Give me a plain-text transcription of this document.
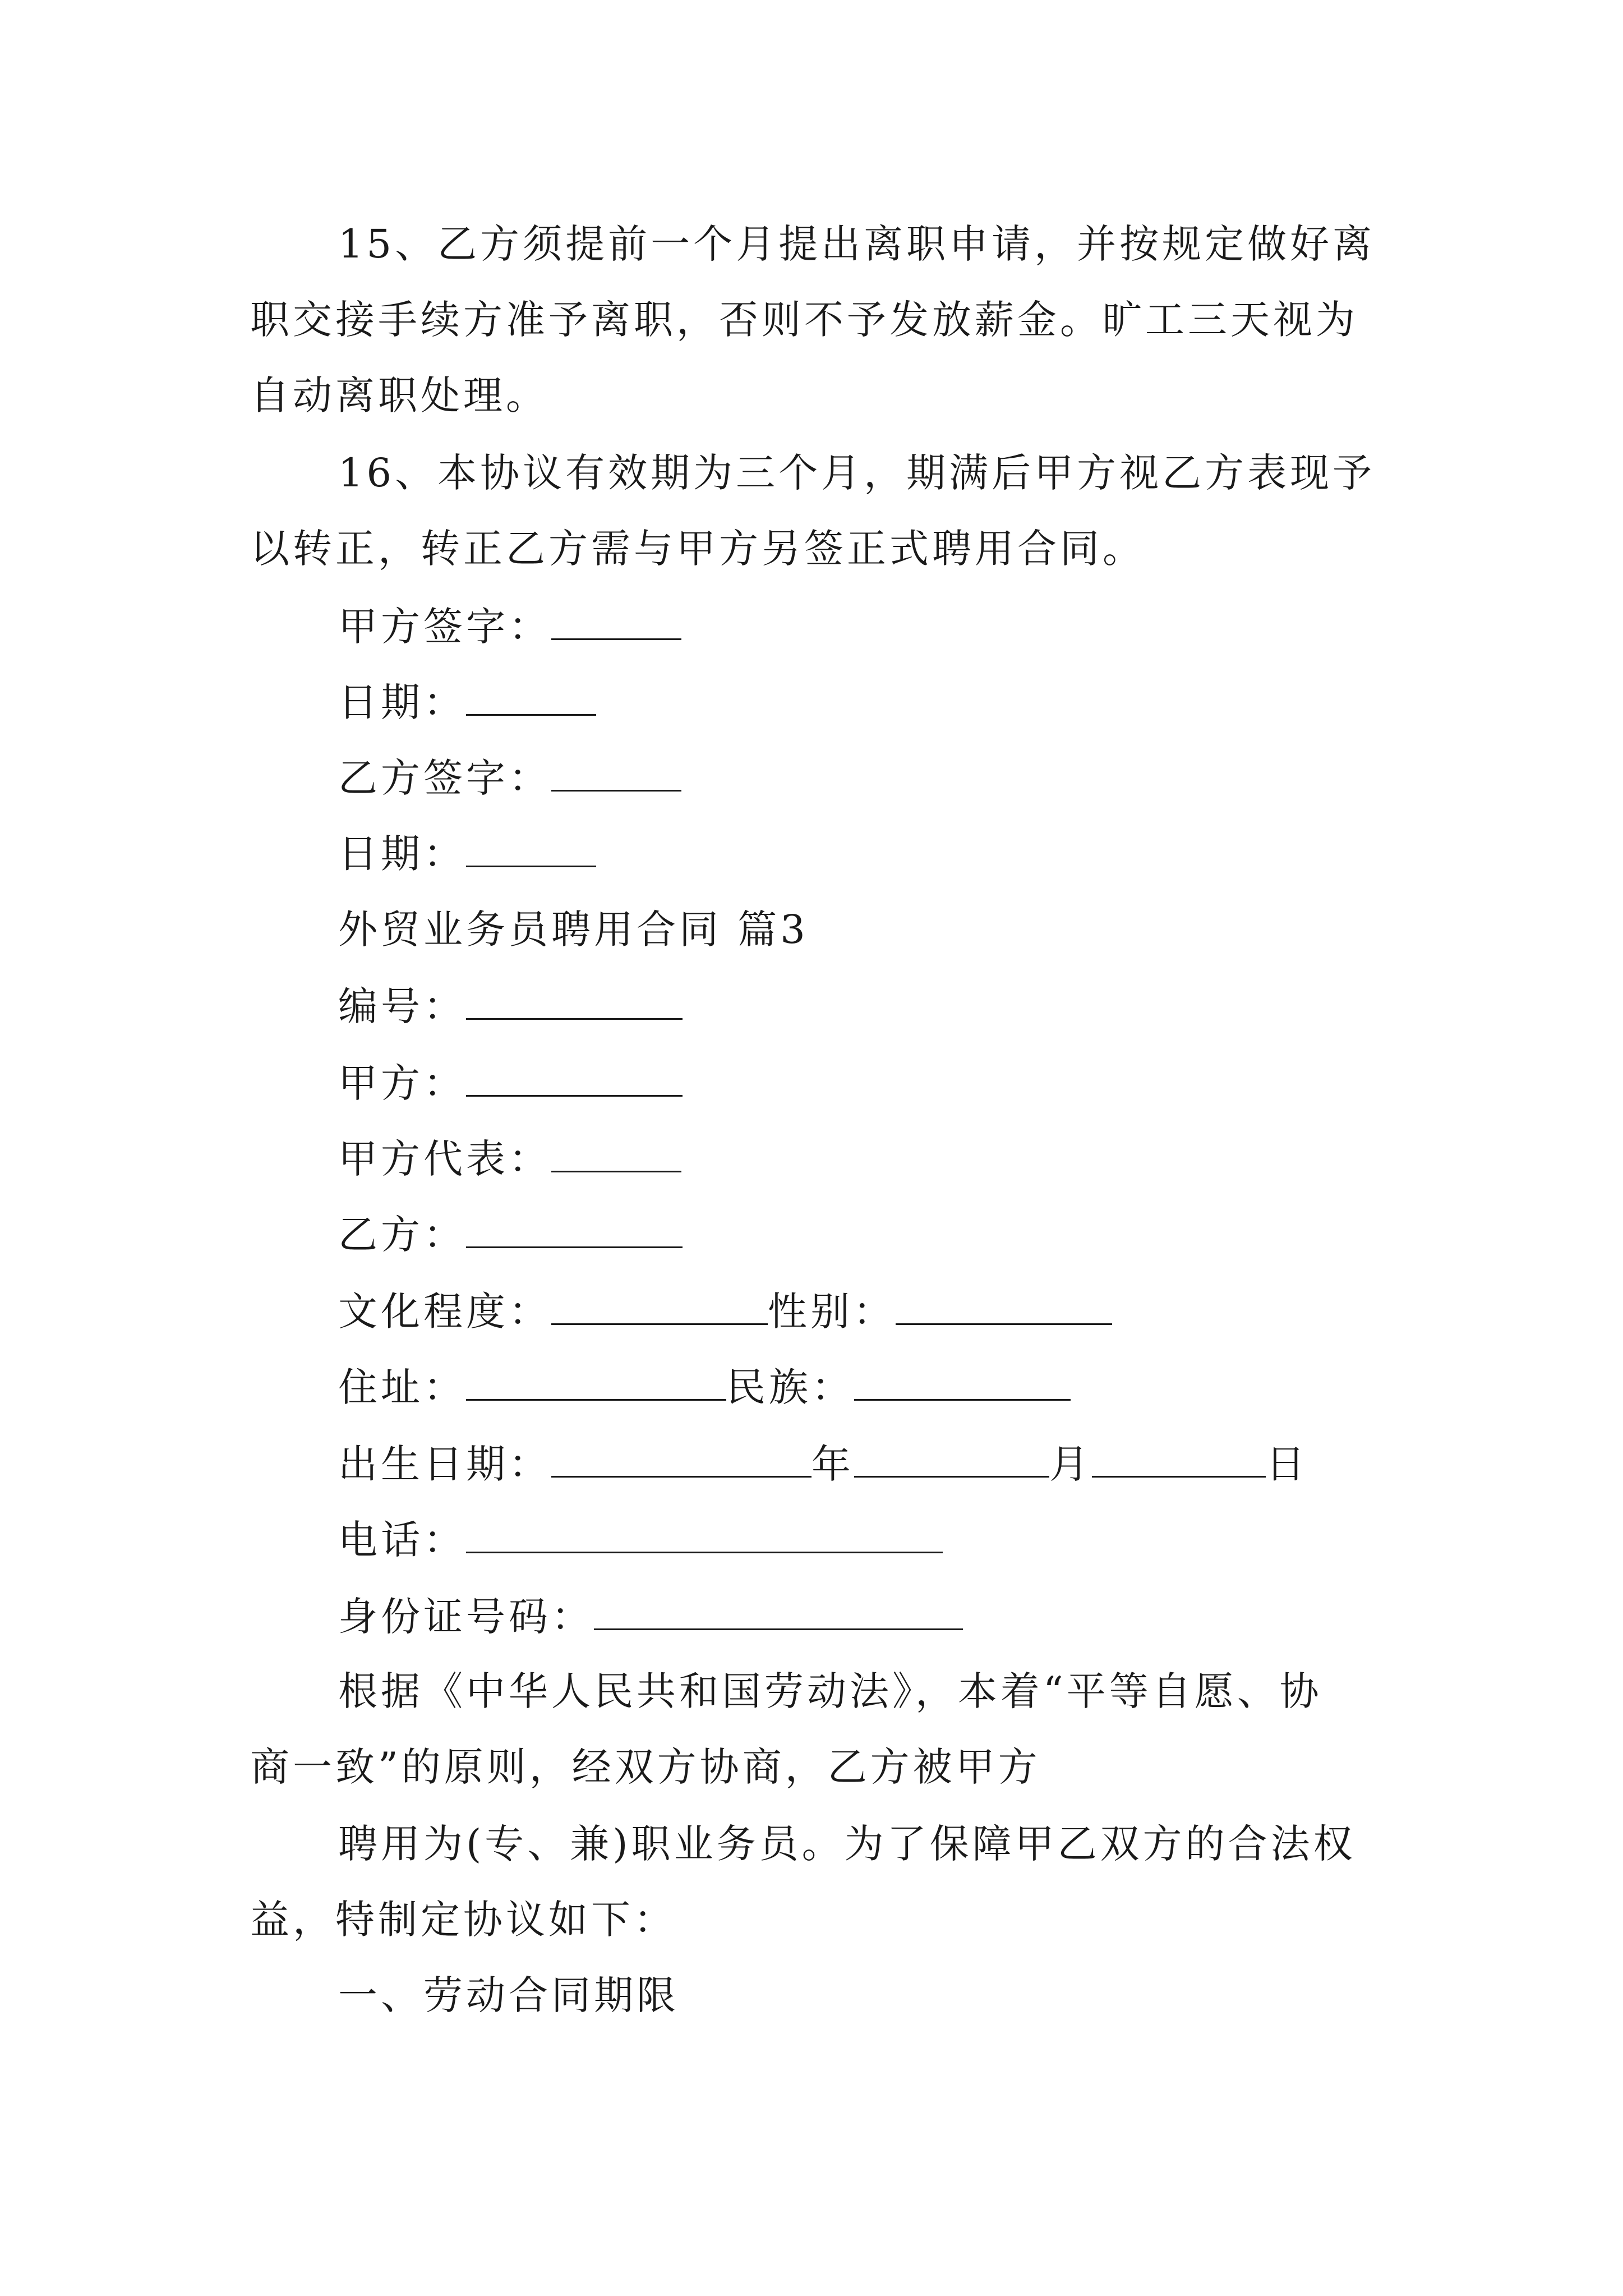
15、乙方须提前一个月提出离职申请，并按规定做好离
职交接手续方准予离职，否则不予发放薪金。旷工三天视为
自动离职处理。
16、本协议有效期为三个月，期满后甲方视乙方表现予
以转正，转正乙方需与甲方另签正式聘用合同。
甲方签字：
日期：
乙方签字：
日期：
外贸业务员聘用合同 篇3
编号：
甲方：
甲方代表：
乙方：
文化程度：	性别：
住址：	民族：
出生日期：	年	月	日
电话：
身份证号码：
根据《中华人民共和国劳动法》，本着“平等自愿、协
商一致”的原则，经双方协商，乙方被甲方
聘用为(专、兼)职业务员。为了保障甲乙双方的合法权
益，特制定协议如下：
一、劳动合同期限
